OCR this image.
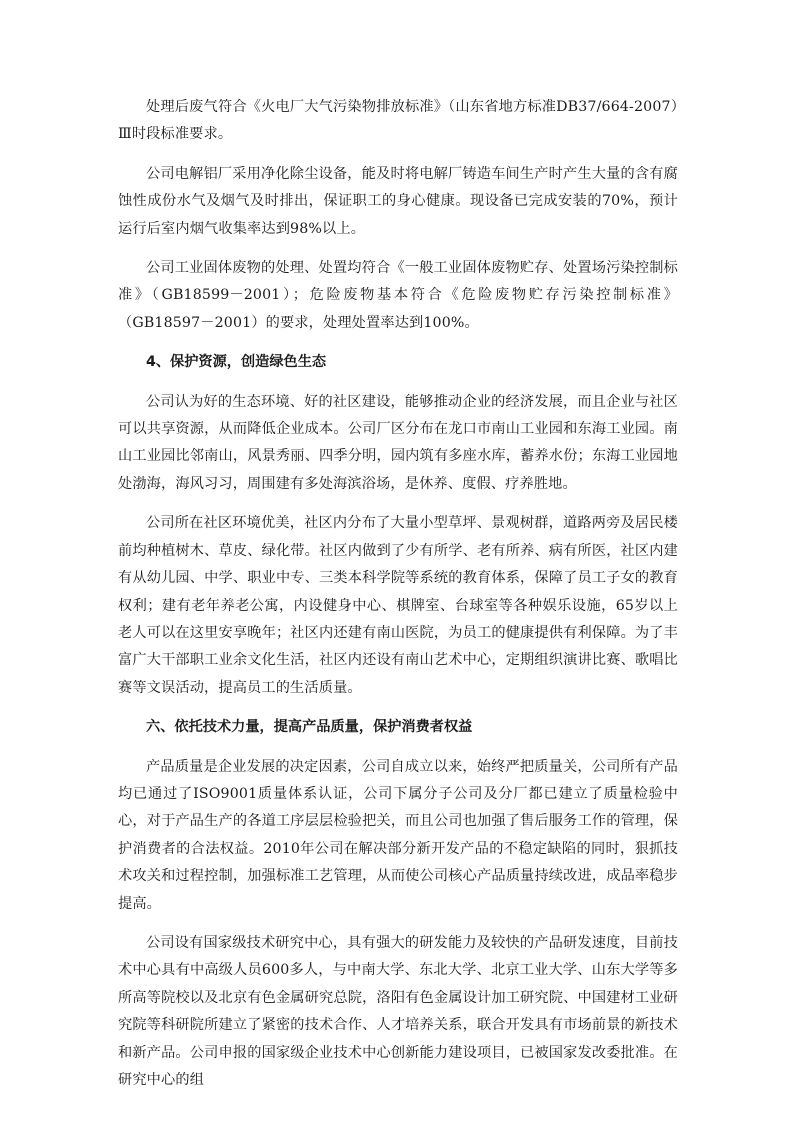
处理后废气符合《火电厂大气污染物排放标准》（山东省地方标准DB37/664-2007）Ⅲ时段标准要求。

公司电解铝厂采用净化除尘设备，能及时将电解厂铸造车间生产时产生大量的含有腐蚀性成份水气及烟气及时排出，保证职工的身心健康。现设备已完成安装的70%，预计运行后室内烟气收集率达到98%以上。

公司工业固体废物的处理、处置均符合《一般工业固体废物贮存、处置场污染控制标准》（GB18599－2001）；危险废物基本符合《危险废物贮存污染控制标准》（GB18597－2001）的要求，处理处置率达到100%。

4、保护资源，创造绿色生态

公司认为好的生态环境、好的社区建设，能够推动企业的经济发展，而且企业与社区可以共享资源，从而降低企业成本。公司厂区分布在龙口市南山工业园和东海工业园。南山工业园比邻南山，风景秀丽、四季分明，园内筑有多座水库，蓄养水份；东海工业园地处渤海，海风习习，周围建有多处海滨浴场，是休养、度假、疗养胜地。

公司所在社区环境优美，社区内分布了大量小型草坪、景观树群，道路两旁及居民楼前均种植树木、草皮、绿化带。社区内做到了少有所学、老有所养、病有所医，社区内建有从幼儿园、中学、职业中专、三类本科学院等系统的教育体系，保障了员工子女的教育权利；建有老年养老公寓，内设健身中心、棋牌室、台球室等各种娱乐设施，65岁以上老人可以在这里安享晚年；社区内还建有南山医院，为员工的健康提供有利保障。为了丰富广大干部职工业余文化生活，社区内还设有南山艺术中心，定期组织演讲比赛、歌唱比赛等文误活动，提高员工的生活质量。

六、依托技术力量，提高产品质量，保护消费者权益

产品质量是企业发展的决定因素，公司自成立以来，始终严把质量关，公司所有产品均已通过了ISO9001质量体系认证，公司下属分子公司及分厂都已建立了质量检验中心，对于产品生产的各道工序层层检验把关，而且公司也加强了售后服务工作的管理，保护消费者的合法权益。2010年公司在解决部分新开发产品的不稳定缺陷的同时，狠抓技术攻关和过程控制，加强标准工艺管理，从而使公司核心产品质量持续改进，成品率稳步提高。

公司设有国家级技术研究中心，具有强大的研发能力及较快的产品研发速度，目前技术中心具有中高级人员600多人，与中南大学、东北大学、北京工业大学、山东大学等多所高等院校以及北京有色金属研究总院，洛阳有色金属设计加工研究院、中国建材工业研究院等科研院所建立了紧密的技术合作、人才培养关系，联合开发具有市场前景的新技术和新产品。公司申报的国家级企业技术中心创新能力建设项目，已被国家发改委批准。在研究中心的组
